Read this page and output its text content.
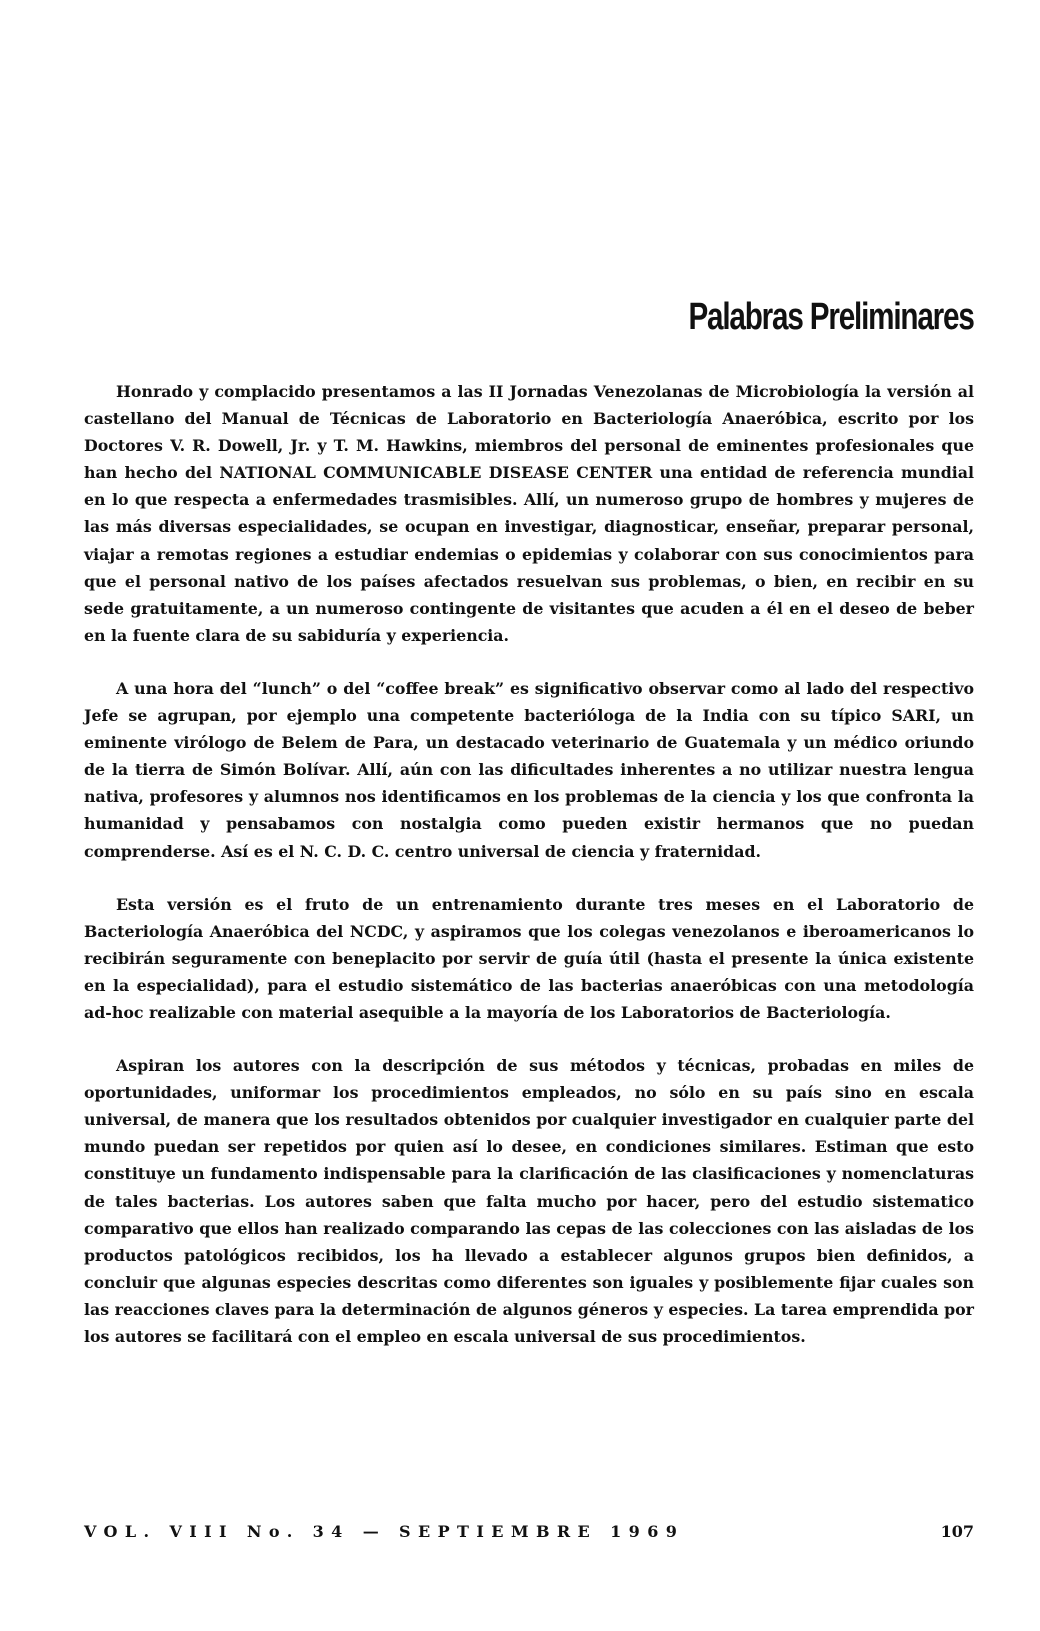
Palabras Preliminares

Honrado y complacido presentamos a las II Jornadas Venezolanas de Microbiología la versión al castellano del Manual de Técnicas de Laboratorio en Bacteriología Anaeróbica, escrito por los Doctores V. R. Dowell, Jr. y T. M. Hawkins, miembros del personal de eminentes profesionales que han hecho del NATIONAL COMMUNICABLE DISEASE CENTER una entidad de referencia mundial en lo que respecta a enfermedades trasmisibles. Allí, un numeroso grupo de hombres y mujeres de las más diversas especialidades, se ocupan en investigar, diagnosticar, enseñar, preparar personal, viajar a remotas regiones a estudiar endemias o epidemias y colaborar con sus conocimientos para que el personal nativo de los países afectados resuelvan sus problemas, o bien, en recibir en su sede gratuitamente, a un numeroso contingente de visitantes que acuden a él en el deseo de beber en la fuente clara de su sabiduría y experiencia.

A una hora del “lunch” o del “coffee break” es significativo observar como al lado del respectivo Jefe se agrupan, por ejemplo una competente bacterióloga de la India con su típico SARI, un eminente virólogo de Belem de Para, un destacado veterinario de Guatemala y un médico oriundo de la tierra de Simón Bolívar. Allí, aún con las dificultades inherentes a no utilizar nuestra lengua nativa, profesores y alumnos nos identificamos en los problemas de la ciencia y los que confronta la humanidad y pensabamos con nostalgia como pueden existir hermanos que no puedan comprenderse. Así es el N. C. D. C. centro universal de ciencia y fraternidad.

Esta versión es el fruto de un entrenamiento durante tres meses en el Laboratorio de Bacteriología Anaeróbica del NCDC, y aspiramos que los colegas venezolanos e iberoamericanos lo recibirán seguramente con beneplacito por servir de guía útil (hasta el presente la única existente en la especialidad), para el estudio sistemático de las bacterias anaeróbicas con una metodología ad-hoc realizable con material asequible a la mayoría de los Laboratorios de Bacteriología.

Aspiran los autores con la descripción de sus métodos y técnicas, probadas en miles de oportunidades, uniformar los procedimientos empleados, no sólo en su país sino en escala universal, de manera que los resultados obtenidos por cualquier investigador en cualquier parte del mundo puedan ser repetidos por quien así lo desee, en condiciones similares. Estiman que esto constituye un fundamento indispensable para la clarificación de las clasificaciones y nomenclaturas de tales bacterias. Los autores saben que falta mucho por hacer, pero del estudio sistematico comparativo que ellos han realizado comparando las cepas de las colecciones con las aisladas de los productos patológicos recibidos, los ha llevado a establecer algunos grupos bien definidos, a concluir que algunas especies descritas como diferentes son iguales y posiblemente fijar cuales son las reacciones claves para la determinación de algunos géneros y especies. La tarea emprendida por los autores se facilitará con el empleo en escala universal de sus procedimientos.

VOL. VIII No. 34 — SEPTIEMBRE 1969	107
